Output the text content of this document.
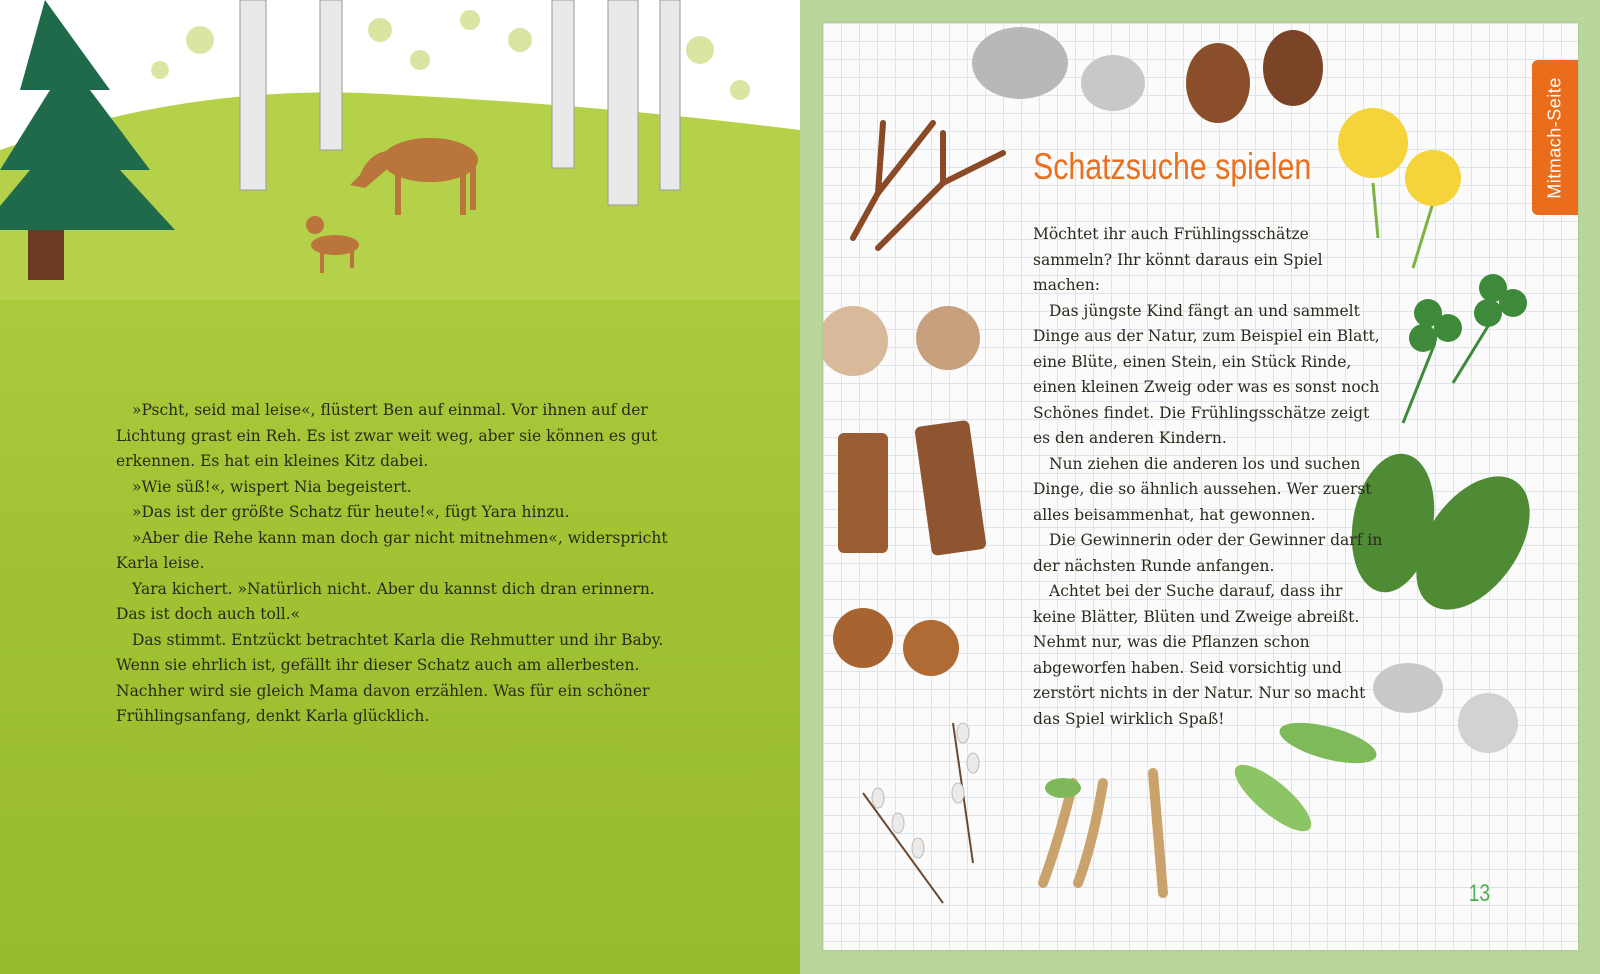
»Pscht, seid mal leise«, flüstert Ben auf einmal. Vor ihnen auf der Lichtung grast ein Reh. Es ist zwar weit weg, aber sie können es gut erkennen. Es hat ein kleines Kitz dabei.

»Wie süß!«, wispert Nia begeistert.

»Das ist der größte Schatz für heute!«, fügt Yara hinzu.

»Aber die Rehe kann man doch gar nicht mitnehmen«, widerspricht Karla leise.

Yara kichert. »Natürlich nicht. Aber du kannst dich dran erinnern. Das ist doch auch toll.«

Das stimmt. Entzückt betrachtet Karla die Rehmutter und ihr Baby. Wenn sie ehrlich ist, gefällt ihr dieser Schatz auch am allerbesten. Nachher wird sie gleich Mama davon erzählen. Was für ein schöner Frühlingsanfang, denkt Karla glücklich.

Schatzsuche spielen

Möchtet ihr auch Frühlingsschätze sammeln? Ihr könnt daraus ein Spiel machen:

Das jüngste Kind fängt an und sammelt Dinge aus der Natur, zum Beispiel ein Blatt, eine Blüte, einen Stein, ein Stück Rinde, einen kleinen Zweig oder was es sonst noch Schönes findet. Die Frühlingsschätze zeigt es den anderen Kindern.

Nun ziehen die anderen los und suchen Dinge, die so ähnlich aussehen. Wer zuerst alles beisammenhat, hat gewonnen.

Die Gewinnerin oder der Gewinner darf in der nächsten Runde anfangen.

Achtet bei der Suche darauf, dass ihr keine Blätter, Blüten und Zweige abreißt. Nehmt nur, was die Pflanzen schon abgeworfen haben. Seid vorsichtig und zerstört nichts in der Natur. Nur so macht das Spiel wirklich Spaß!

Mitmach-Seite
13
